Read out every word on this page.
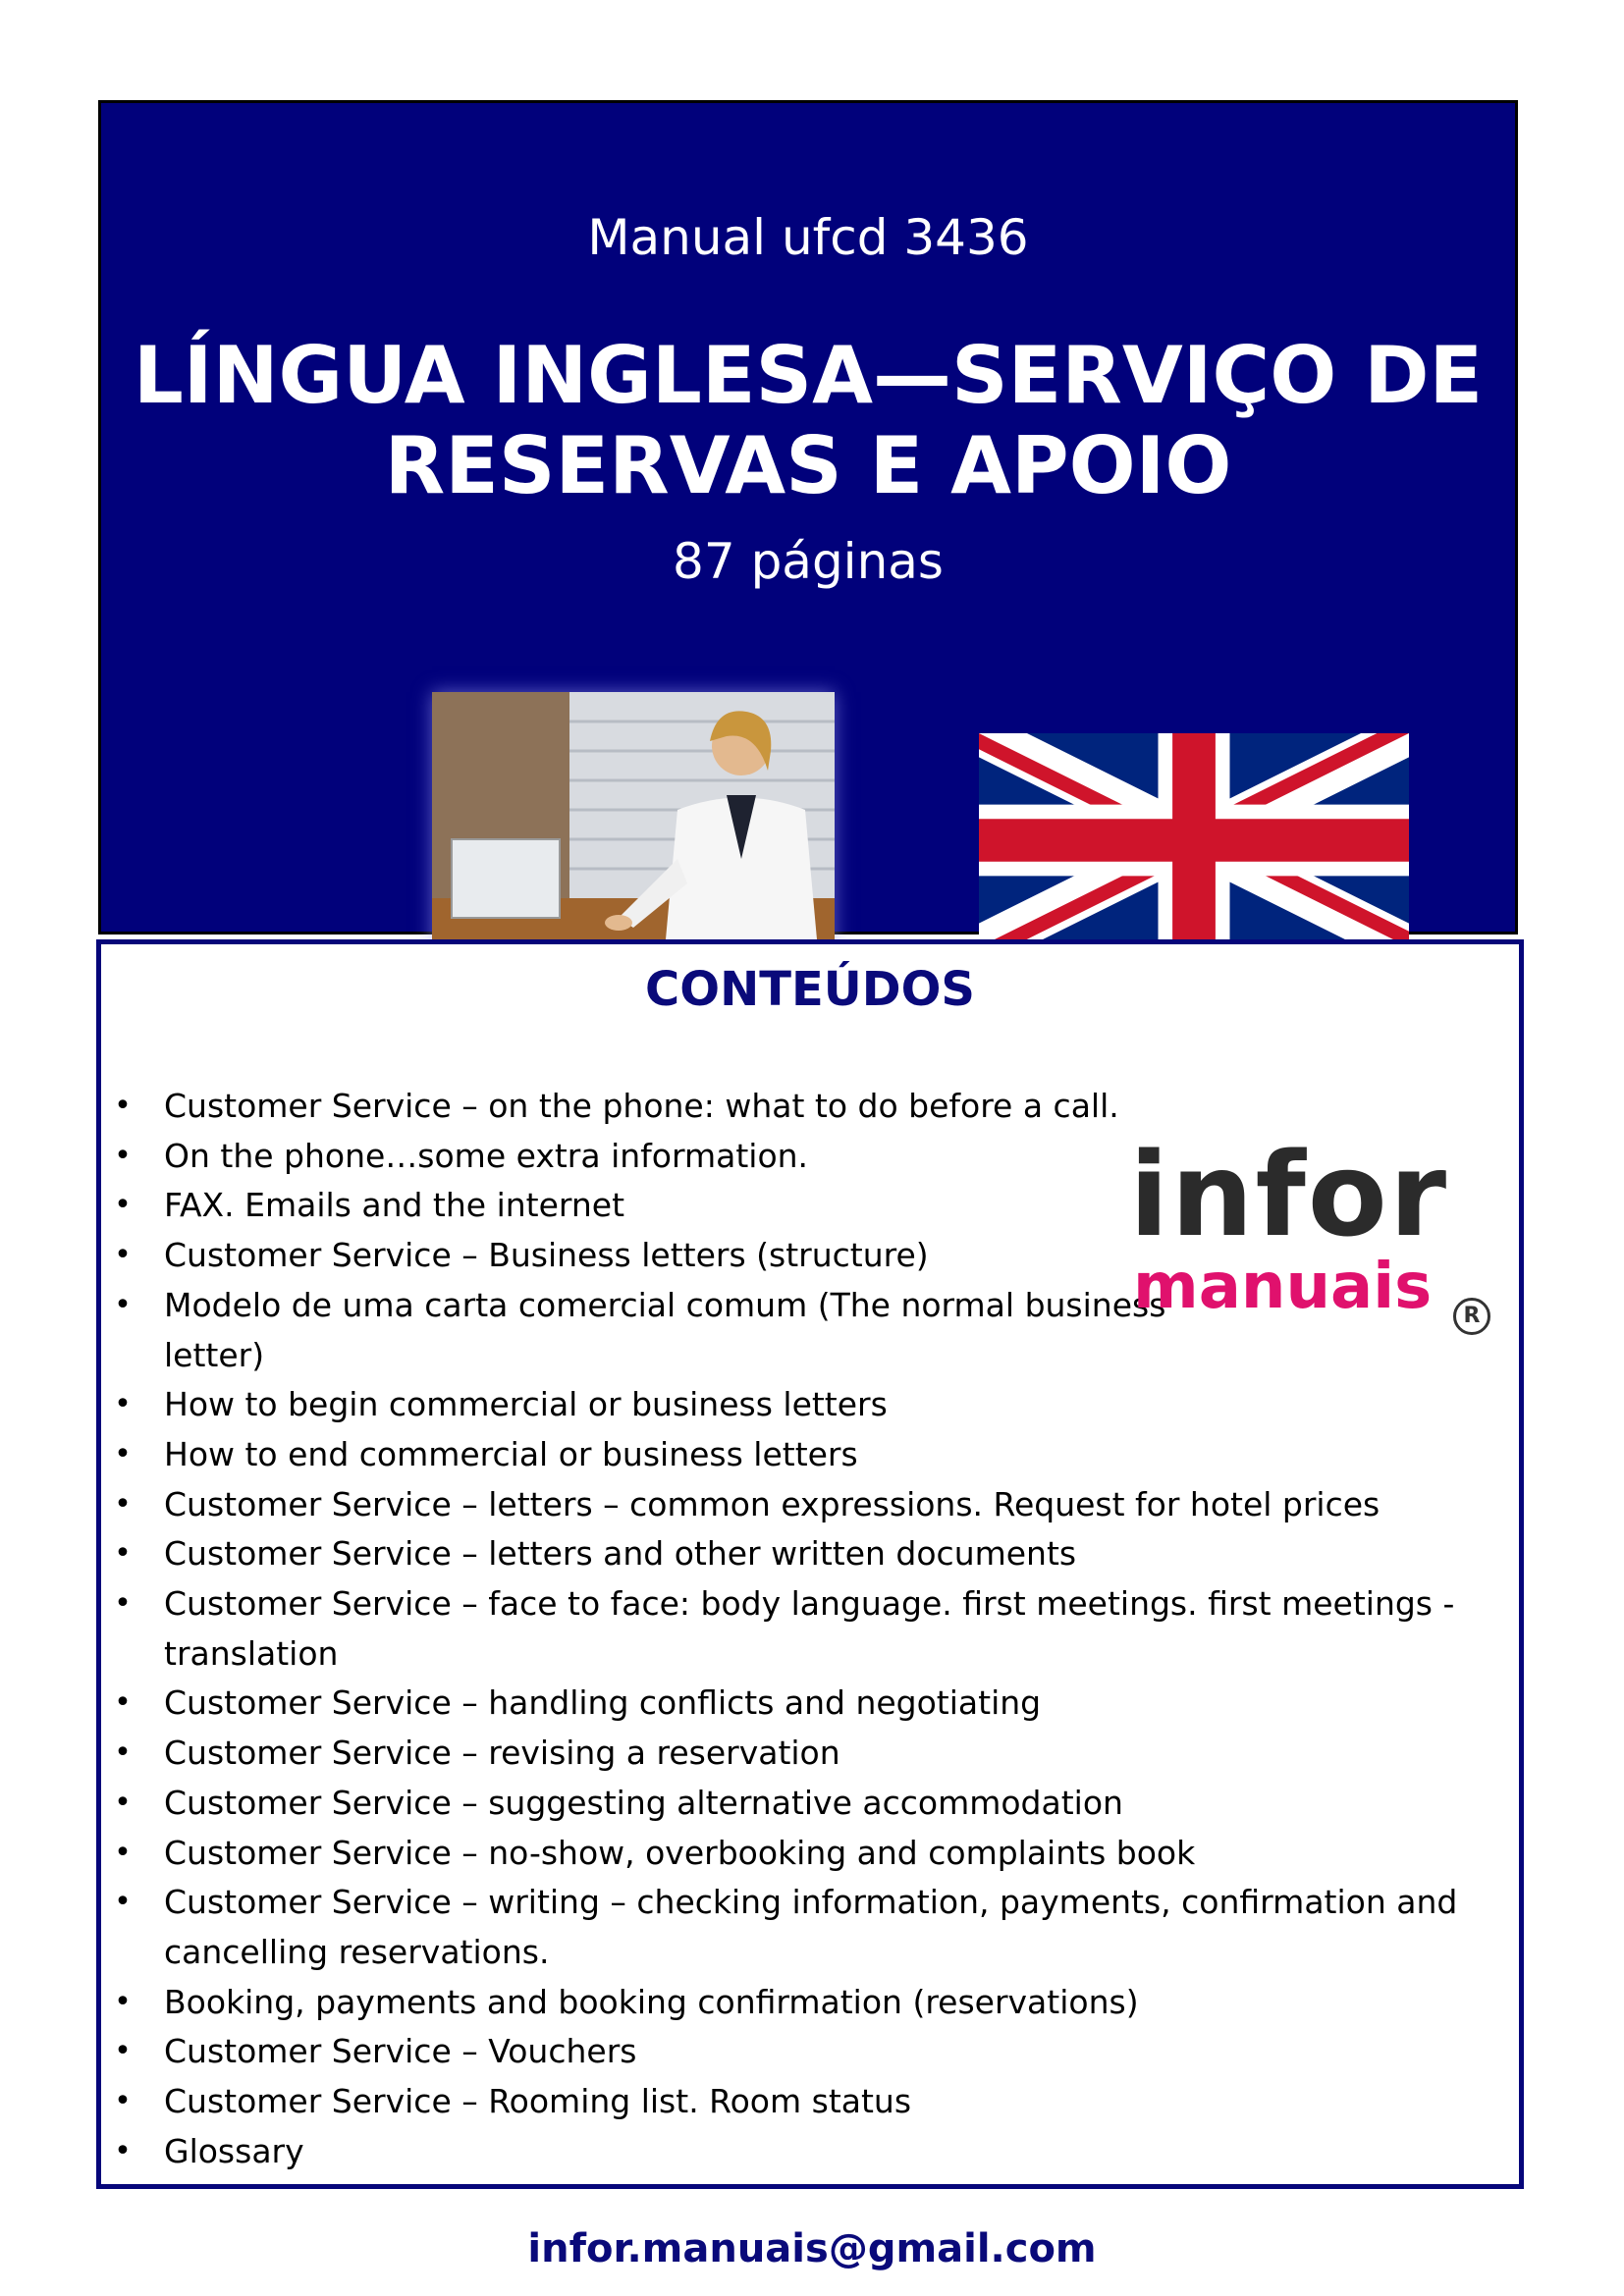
Manual ufcd 3436
LÍNGUA INGLESA—SERVIÇO DE
RESERVAS E APOIO
87 páginas
CONTEÚDOS
• Customer Service – on the phone: what to do before a call.
• On the phone…some extra information.
• FAX. Emails and the internet
• Customer Service – Business letters (structure)
• Modelo de uma carta comercial comum (The normal business letter)
• How to begin commercial or business letters
• How to end commercial or business letters
• Customer Service – letters – common expressions. Request for hotel prices
• Customer Service – letters and other written documents
• Customer Service – face to face: body language. first meetings. first meetings - translation
• Customer Service – handling conflicts and negotiating
• Customer Service – revising a reservation
• Customer Service – suggesting alternative accommodation
• Customer Service – no-show, overbooking and complaints book
• Customer Service – writing – checking information, payments, confirmation and cancelling reservations.
• Booking, payments and booking confirmation (reservations)
• Customer Service – Vouchers
• Customer Service – Rooming list. Room status
• Glossary
infor
manuais	R
infor.manuais@gmail.com
